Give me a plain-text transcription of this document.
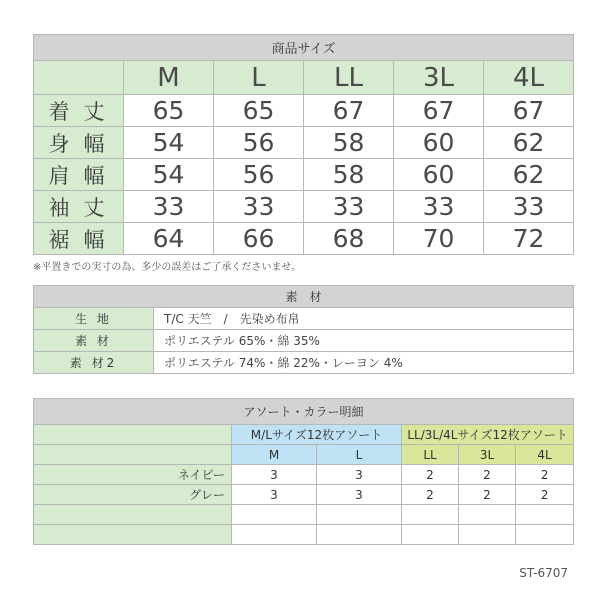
商品サイズ					
	M	L	LL	3L	4L
着丈	65	65	67	67	67
身幅	54	56	58	60	62
肩幅	54	56	58	60	62
袖丈	33	33	33	33	33
裾幅	64	66	68	70	72
※平置きでの実寸の為、多少の誤差はご了承くださいませ。
素　材	
生 地	T/C 天竺　/　先染め布帛
素 材	ポリエステル 65%・綿 35%
素 材2	ポリエステル 74%・綿 22%・レーヨン 4%
アソート・カラー明細					
	M/Lサイズ12枚アソート		LL/3L/4Lサイズ12枚アソート		
	M	L	LL	3L	4L
ネイビー	3	3	2	2	2
グレー	3	3	2	2	2

ST-6707
